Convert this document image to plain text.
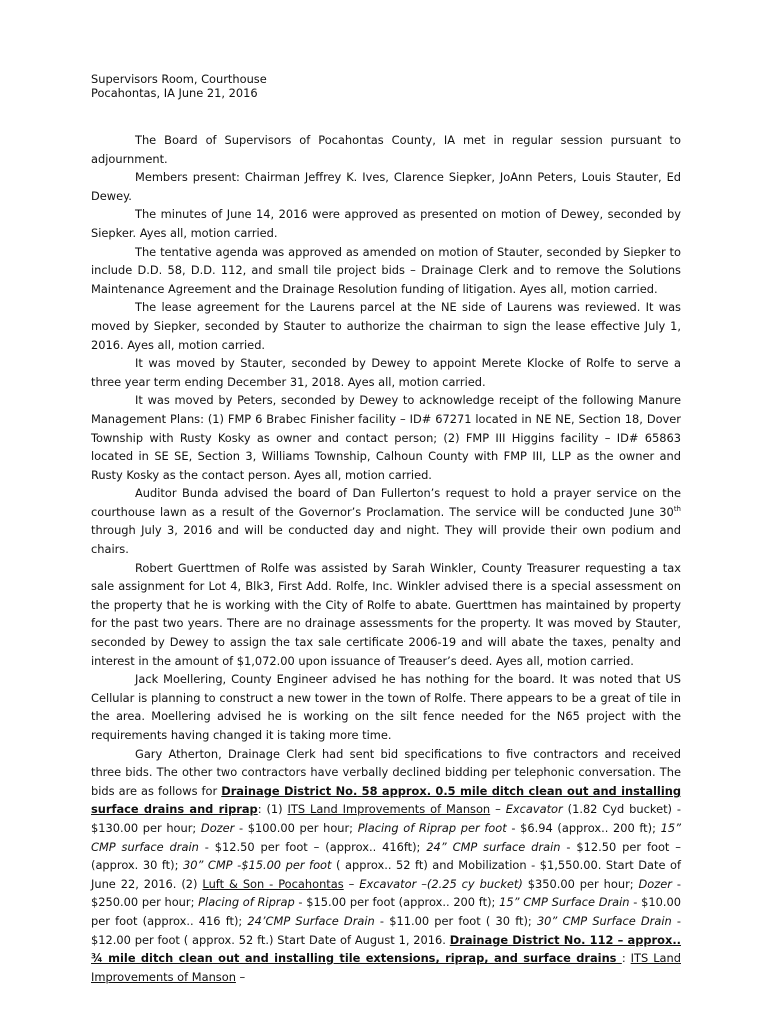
Supervisors Room, Courthouse

Pocahontas, IA June 21, 2016

The Board of Supervisors of Pocahontas County, IA met in regular session pursuant to adjournment.

Members present: Chairman Jeffrey K. Ives, Clarence Siepker, JoAnn Peters, Louis Stauter, Ed Dewey.

The minutes of June 14, 2016 were approved as presented on motion of Dewey, seconded by Siepker. Ayes all, motion carried.

The tentative agenda was approved as amended on motion of Stauter, seconded by Siepker to include D.D. 58, D.D. 112, and small tile project bids – Drainage Clerk and to remove the Solutions Maintenance Agreement and the Drainage Resolution funding of litigation. Ayes all, motion carried.

The lease agreement for the Laurens parcel at the NE side of Laurens was reviewed. It was moved by Siepker, seconded by Stauter to authorize the chairman to sign the lease effective July 1, 2016. Ayes all, motion carried.

It was moved by Stauter, seconded by Dewey to appoint Merete Klocke of Rolfe to serve a three year term ending December 31, 2018. Ayes all, motion carried.

It was moved by Peters, seconded by Dewey to acknowledge receipt of the following Manure Management Plans: (1) FMP 6 Brabec Finisher facility – ID# 67271 located in NE NE, Section 18, Dover Township with Rusty Kosky as owner and contact person; (2) FMP III Higgins facility – ID# 65863 located in SE SE, Section 3, Williams Township, Calhoun County with FMP III, LLP as the owner and Rusty Kosky as the contact person. Ayes all, motion carried.

Auditor Bunda advised the board of Dan Fullerton’s request to hold a prayer service on the courthouse lawn as a result of the Governor’s Proclamation. The service will be conducted June 30th through July 3, 2016 and will be conducted day and night. They will provide their own podium and chairs.

Robert Guerttmen of Rolfe was assisted by Sarah Winkler, County Treasurer requesting a tax sale assignment for Lot 4, Blk3, First Add. Rolfe, Inc. Winkler advised there is a special assessment on the property that he is working with the City of Rolfe to abate. Guerttmen has maintained by property for the past two years. There are no drainage assessments for the property. It was moved by Stauter, seconded by Dewey to assign the tax sale certificate 2006-19 and will abate the taxes, penalty and interest in the amount of $1,072.00 upon issuance of Treauser’s deed. Ayes all, motion carried.

Jack Moellering, County Engineer advised he has nothing for the board. It was noted that US Cellular is planning to construct a new tower in the town of Rolfe. There appears to be a great of tile in the area. Moellering advised he is working on the silt fence needed for the N65 project with the requirements having changed it is taking more time.

Gary Atherton, Drainage Clerk had sent bid specifications to five contractors and received three bids. The other two contractors have verbally declined bidding per telephonic conversation. The bids are as follows for Drainage District No. 58 approx. 0.5 mile ditch clean out and installing surface drains and riprap: (1) ITS Land Improvements of Manson – Excavator (1.82 Cyd bucket) - $130.00 per hour; Dozer - $100.00 per hour; Placing of Riprap per foot - $6.94 (approx.. 200 ft); 15” CMP surface drain - $12.50 per foot – (approx.. 416ft); 24” CMP surface drain - $12.50 per foot – (approx. 30 ft); 30” CMP -$15.00 per foot ( approx.. 52 ft) and Mobilization - $1,550.00. Start Date of June 22, 2016. (2) Luft & Son - Pocahontas – Excavator –(2.25 cy bucket) $350.00 per hour; Dozer - $250.00 per hour; Placing of Riprap - $15.00 per foot (approx.. 200 ft); 15” CMP Surface Drain - $10.00 per foot (approx.. 416 ft); 24’CMP Surface Drain - $11.00 per foot ( 30 ft); 30” CMP Surface Drain - $12.00 per foot ( approx. 52 ft.) Start Date of August 1, 2016. Drainage District No. 112 – approx.. ¾ mile ditch clean out and installing tile extensions, riprap, and surface drains : ITS Land Improvements of Manson –
